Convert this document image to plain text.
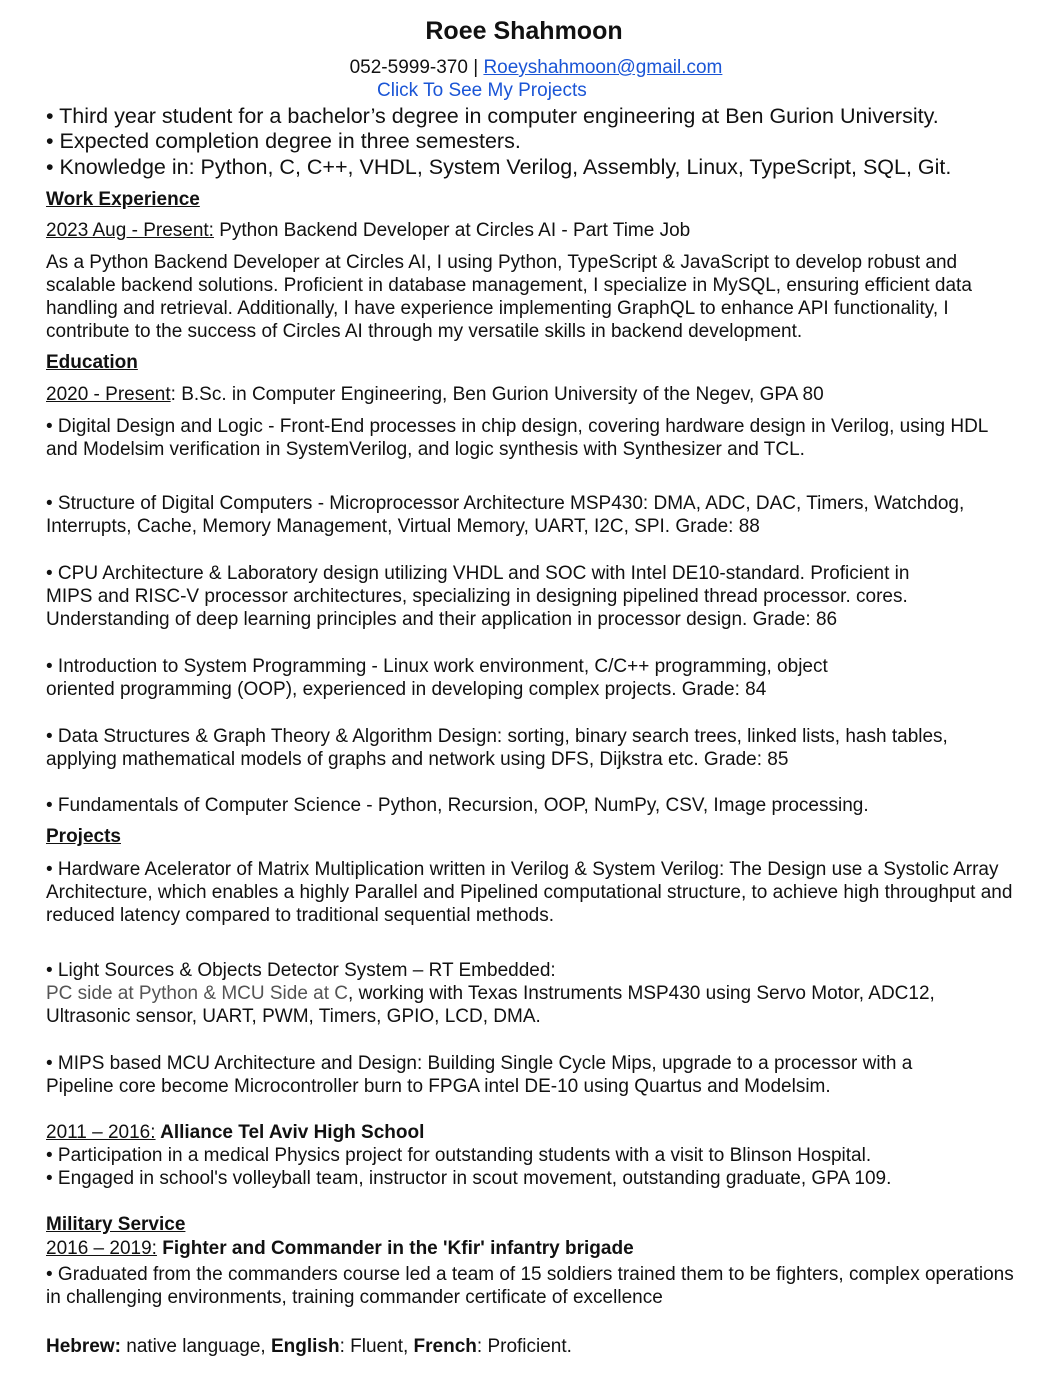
Roee Shahmoon
052-5999-370 | Roeyshahmoon@gmail.com
Click To See My Projects
• Third year student for a bachelor’s degree in computer engineering at Ben Gurion University.
• Expected completion degree in three semesters.
• Knowledge in: Python, C, C++, VHDL, System Verilog, Assembly, Linux, TypeScript, SQL, Git.
Work Experience
2023 Aug - Present: Python Backend Developer at Circles AI - Part Time Job
As a Python Backend Developer at Circles AI, I using Python, TypeScript & JavaScript to develop robust and scalable backend solutions. Proficient in database management, I specialize in MySQL, ensuring efficient data handling and retrieval. Additionally, I have experience implementing GraphQL to enhance API functionality, I contribute to the success of Circles AI through my versatile skills in backend development.
Education
2020 - Present: B.Sc. in Computer Engineering, Ben Gurion University of the Negev, GPA 80
• Digital Design and Logic - Front-End processes in chip design, covering hardware design in Verilog, using HDL and Modelsim verification in SystemVerilog, and logic synthesis with Synthesizer and TCL.
• Structure of Digital Computers - Microprocessor Architecture MSP430: DMA, ADC, DAC, Timers, Watchdog, Interrupts, Cache, Memory Management, Virtual Memory, UART, I2C, SPI. Grade: 88
• CPU Architecture & Laboratory design utilizing VHDL and SOC with Intel DE10-standard. Proficient in MIPS and RISC-V processor architectures, specializing in designing pipelined thread processor. cores. Understanding of deep learning principles and their application in processor design. Grade: 86
• Introduction to System Programming - Linux work environment, C/C++ programming, object oriented programming (OOP), experienced in developing complex projects. Grade: 84
• Data Structures & Graph Theory & Algorithm Design: sorting, binary search trees, linked lists, hash tables, applying mathematical models of graphs and network using DFS, Dijkstra etc. Grade: 85
• Fundamentals of Computer Science - Python, Recursion, OOP, NumPy, CSV, Image processing.
Projects
• Hardware Acelerator of Matrix Multiplication written in Verilog & System Verilog: The Design use a Systolic Array Architecture, which enables a highly Parallel and Pipelined computational structure, to achieve high throughput and reduced latency compared to traditional sequential methods.
• Light Sources & Objects Detector System – RT Embedded:
PC side at Python & MCU Side at C, working with Texas Instruments MSP430 using Servo Motor, ADC12, Ultrasonic sensor, UART, PWM, Timers, GPIO, LCD, DMA.
• MIPS based MCU Architecture and Design: Building Single Cycle Mips, upgrade to a processor with a Pipeline core become Microcontroller burn to FPGA intel DE-10 using Quartus and Modelsim.
2011 – 2016: Alliance Tel Aviv High School
• Participation in a medical Physics project for outstanding students with a visit to Blinson Hospital.
• Engaged in school's volleyball team, instructor in scout movement, outstanding graduate, GPA 109.
Military Service
2016 – 2019: Fighter and Commander in the 'Kfir' infantry brigade
• Graduated from the commanders course led a team of 15 soldiers trained them to be fighters, complex operations in challenging environments, training commander certificate of excellence
Hebrew: native language, English: Fluent, French: Proficient.
